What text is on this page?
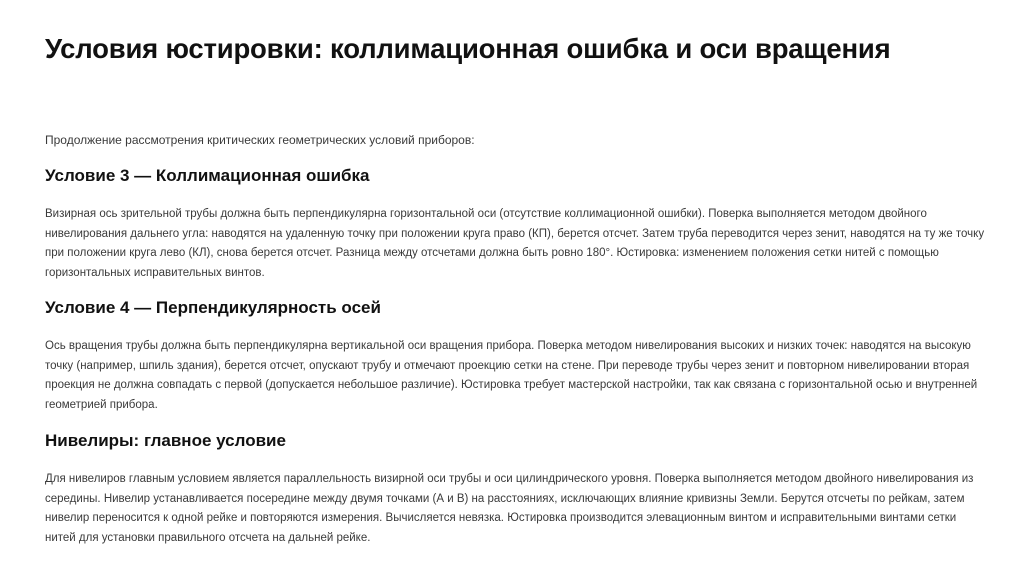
Условия юстировки: коллимационная ошибка и оси вращения

Продолжение рассмотрения критических геометрических условий приборов:

Условие 3 — Коллимационная ошибка

Визирная ось зрительной трубы должна быть перпендикулярна горизонтальной оси (отсутствие коллимационной ошибки). Поверка выполняется методом двойного нивелирования дальнего угла: наводятся на удаленную точку при положении круга право (КП), берется отсчет. Затем труба переводится через зенит, наводятся на ту же точку при положении круга лево (КЛ), снова берется отсчет. Разница между отсчетами должна быть ровно 180°. Юстировка: изменением положения сетки нитей с помощью горизонтальных исправительных винтов.

Условие 4 — Перпендикулярность осей

Ось вращения трубы должна быть перпендикулярна вертикальной оси вращения прибора. Поверка методом нивелирования высоких и низких точек: наводятся на высокую точку (например, шпиль здания), берется отсчет, опускают трубу и отмечают проекцию сетки на стене. При переводе трубы через зенит и повторном нивелировании вторая проекция не должна совпадать с первой (допускается небольшое различие). Юстировка требует мастерской настройки, так как связана с горизонтальной осью и внутренней геометрией прибора.

Нивелиры: главное условие

Для нивелиров главным условием является параллельность визирной оси трубы и оси цилиндрического уровня. Поверка выполняется методом двойного нивелирования из середины. Нивелир устанавливается посередине между двумя точками (А и В) на расстояниях, исключающих влияние кривизны Земли. Берутся отсчеты по рейкам, затем нивелир переносится к одной рейке и повторяются измерения. Вычисляется невязка. Юстировка производится элевационным винтом и исправительными винтами сетки нитей для установки правильного отсчета на дальней рейке.
